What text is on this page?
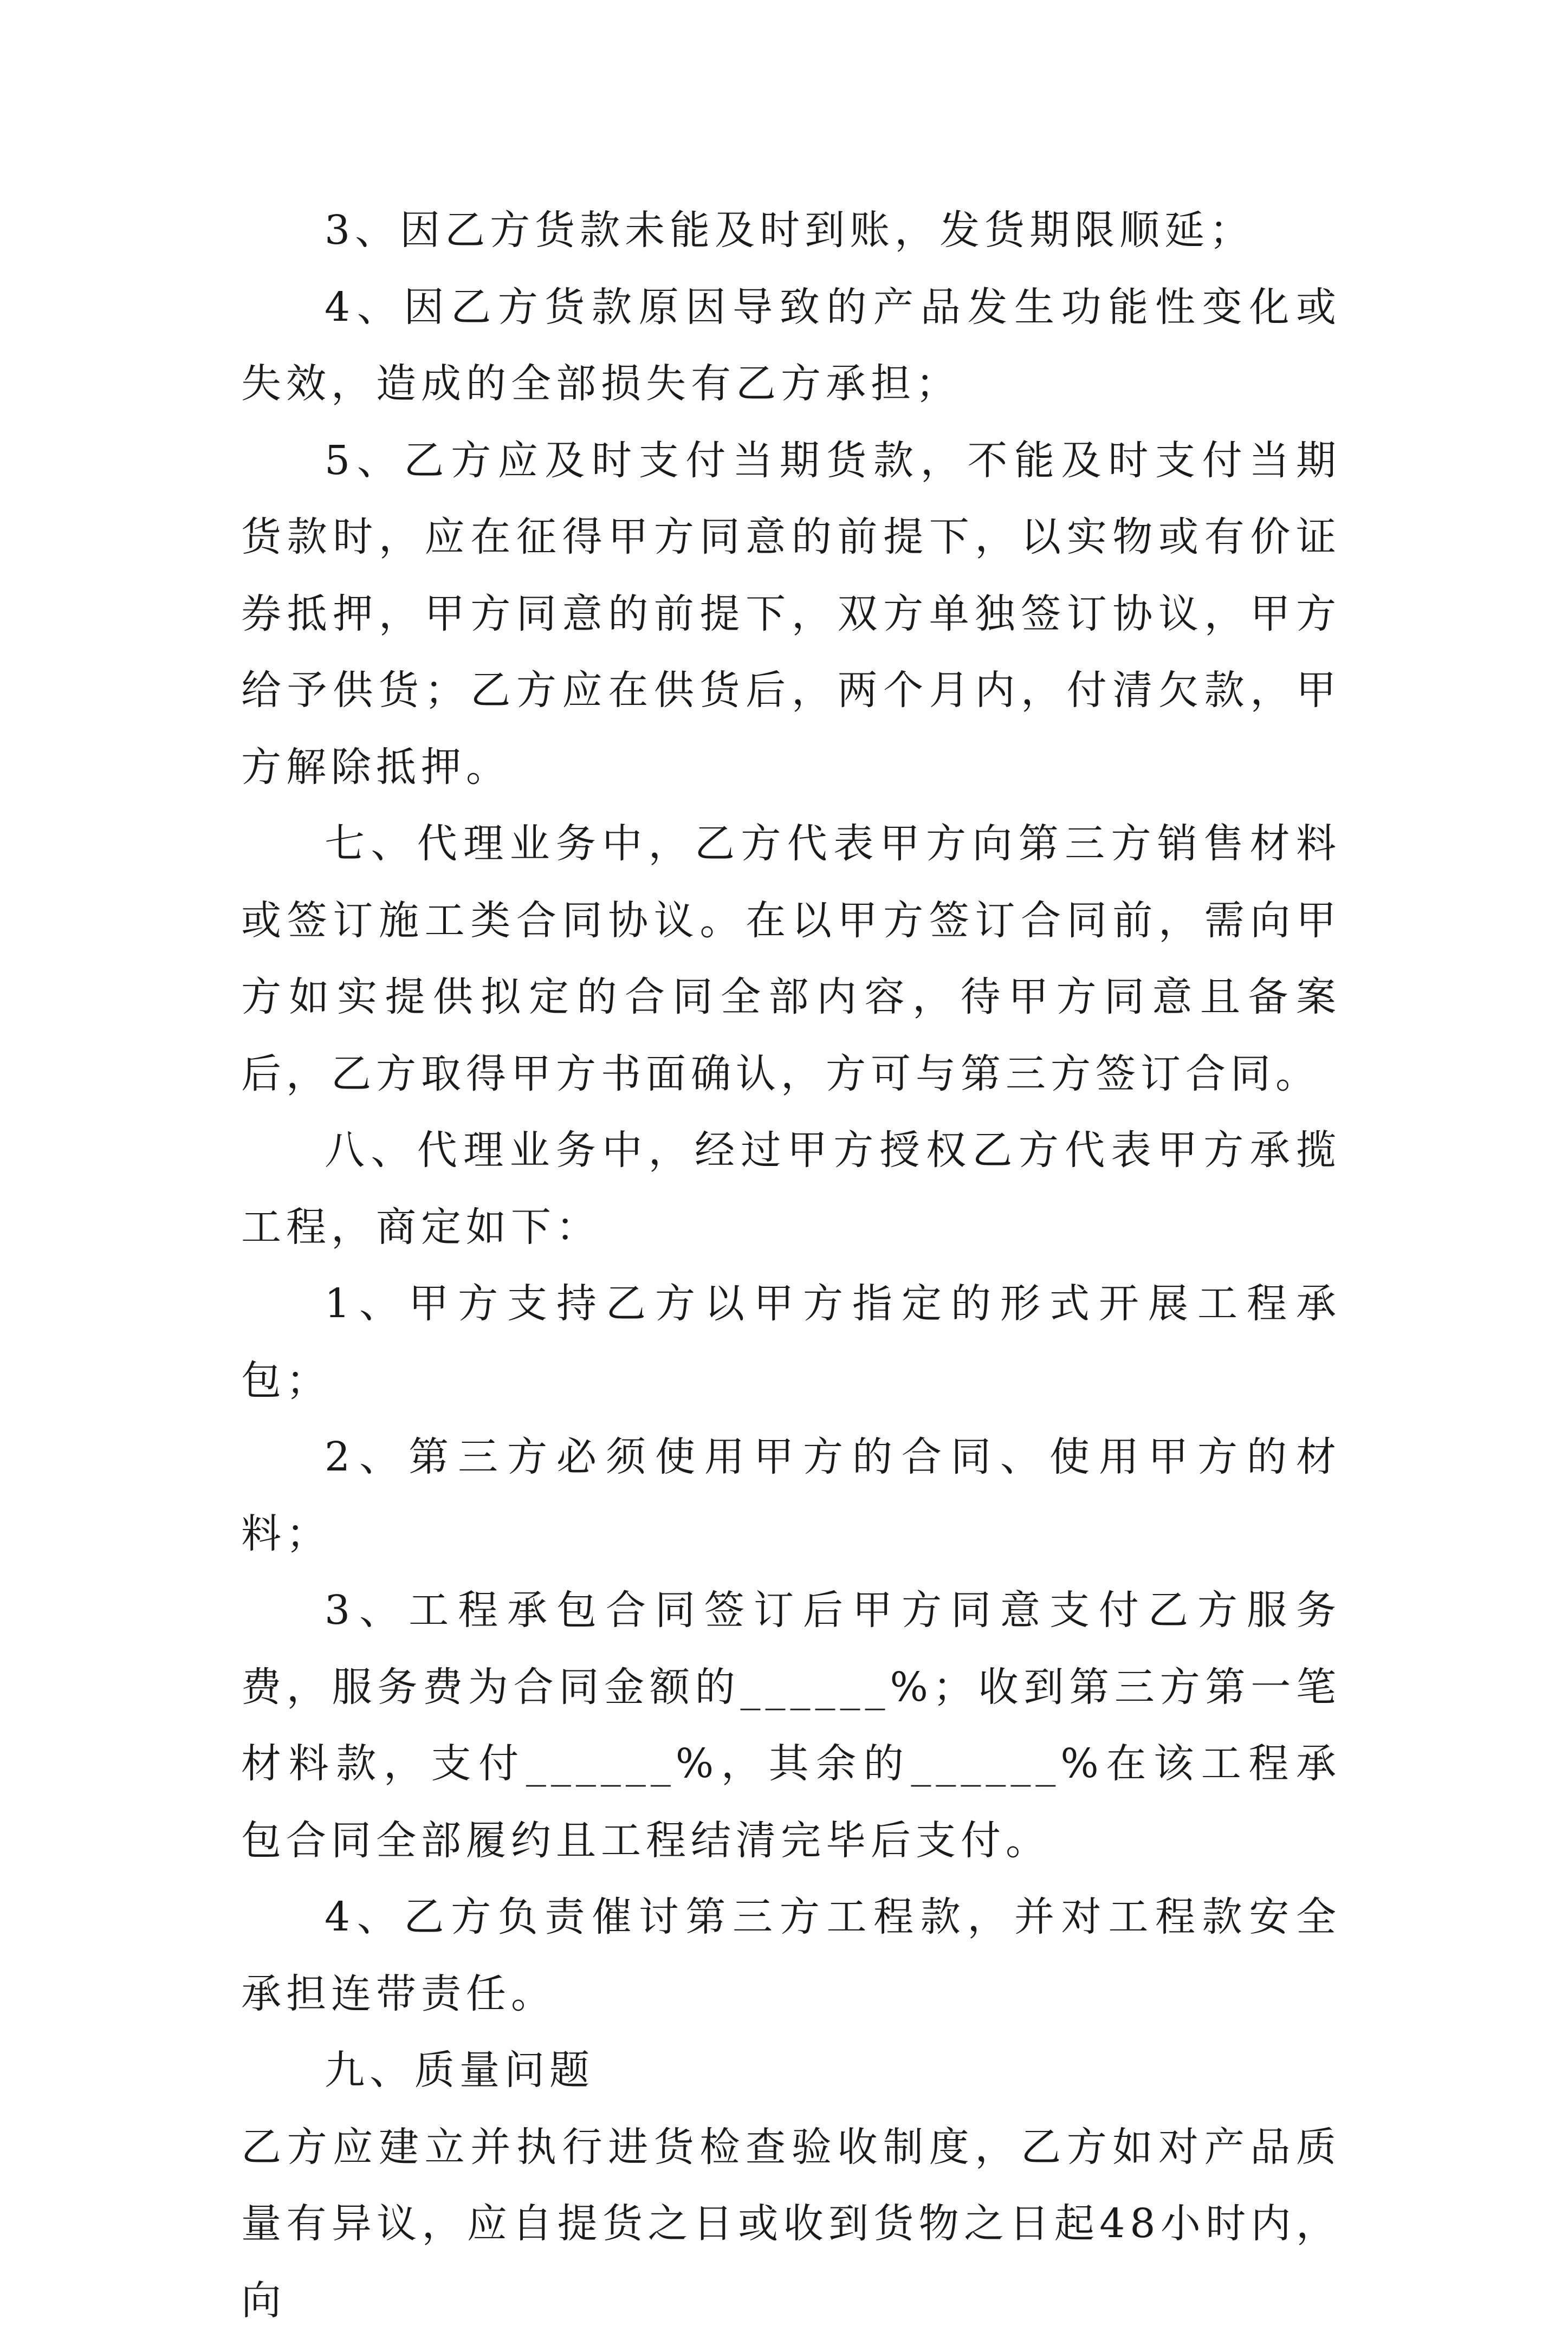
3、因乙方货款未能及时到账，发货期限顺延；

4、因乙方货款原因导致的产品发生功能性变化或失效，造成的全部损失有乙方承担；

5、乙方应及时支付当期货款，不能及时支付当期货款时，应在征得甲方同意的前提下，以实物或有价证券抵押，甲方同意的前提下，双方单独签订协议，甲方给予供货；乙方应在供货后，两个月内，付清欠款，甲方解除抵押。

七、代理业务中，乙方代表甲方向第三方销售材料或签订施工类合同协议。在以甲方签订合同前，需向甲方如实提供拟定的合同全部内容，待甲方同意且备案后，乙方取得甲方书面确认，方可与第三方签订合同。

八、代理业务中，经过甲方授权乙方代表甲方承揽工程，商定如下：

1、甲方支持乙方以甲方指定的形式开展工程承包；

2、第三方必须使用甲方的合同、使用甲方的材料；

3、工程承包合同签订后甲方同意支付乙方服务费，服务费为合同金额的______%；收到第三方第一笔材料款，支付______%，其余的______%在该工程承包合同全部履约且工程结清完毕后支付。

4、乙方负责催讨第三方工程款，并对工程款安全承担连带责任。

九、质量问题

乙方应建立并执行进货检查验收制度，乙方如对产品质量有异议，应自提货之日或收到货物之日起48小时内，向
